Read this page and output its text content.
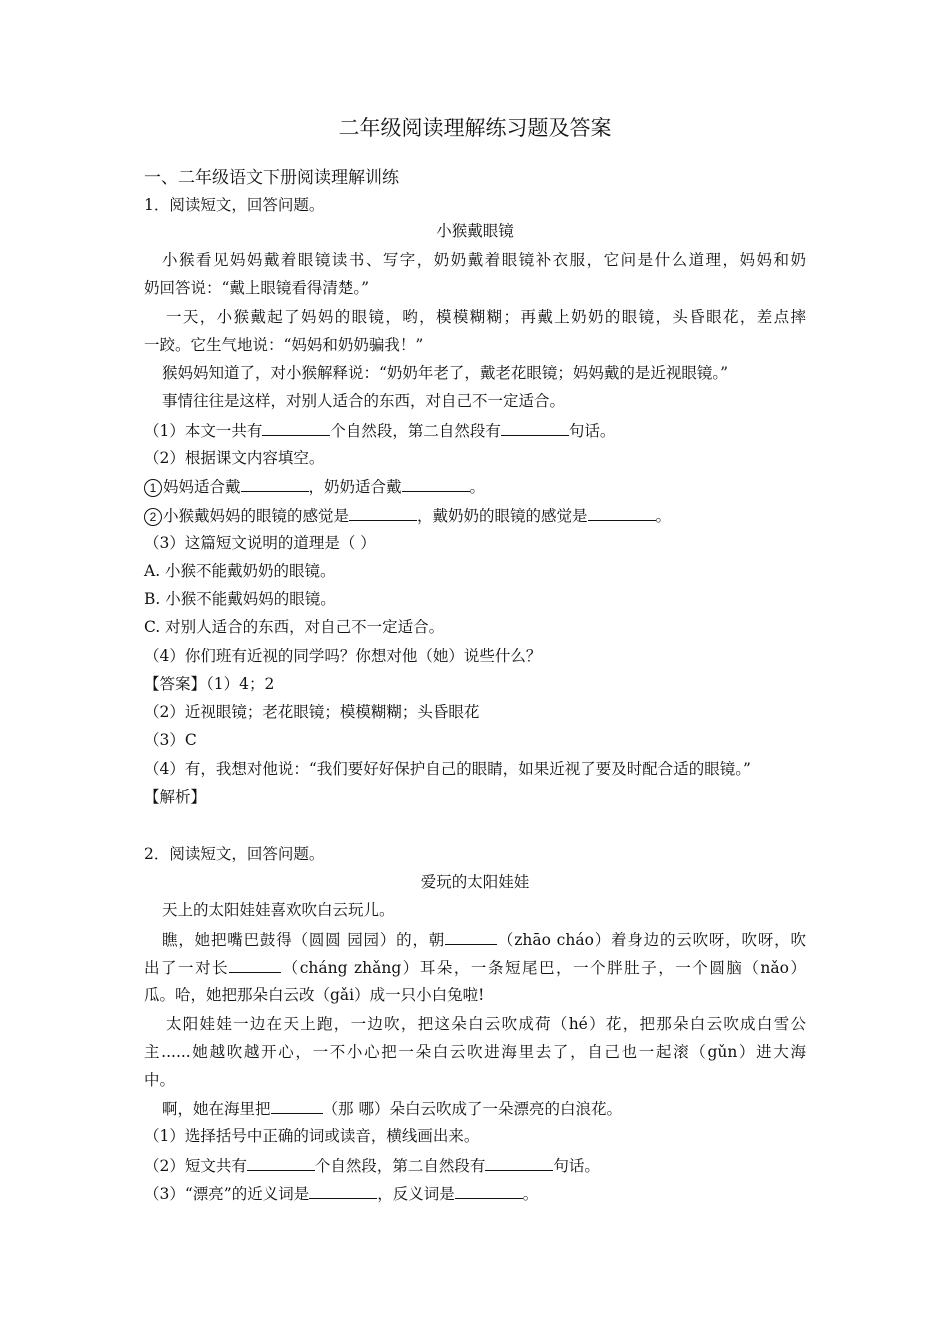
二年级阅读理解练习题及答案
一、二年级语文下册阅读理解训练
1．阅读短文，回答问题。
小猴戴眼镜
小猴看见妈妈戴着眼镜读书、写字，奶奶戴着眼镜补衣服，它问是什么道理，妈妈和奶
奶回答说：“戴上眼镜看得清楚。”
一天，小猴戴起了妈妈的眼镜，哟，模模糊糊；再戴上奶奶的眼镜，头昏眼花，差点摔
一跤。它生气地说：“妈妈和奶奶骗我！”
猴妈妈知道了，对小猴解释说：“奶奶年老了，戴老花眼镜；妈妈戴的是近视眼镜。”
事情往往是这样，对别人适合的东西，对自己不一定适合。
（1）本文一共有	个自然段，第二自然段有	句话。
（2）根据课文内容填空。
1 妈妈适合戴	，奶奶适合戴	。
2 小猴戴妈妈的眼镜的感觉是	，戴奶奶的眼镜的感觉是	。
（3）这篇短文说明的道理是（ ）
A. 小猴不能戴奶奶的眼镜。
B. 小猴不能戴妈妈的眼镜。
C. 对别人适合的东西，对自己不一定适合。
（4）你们班有近视的同学吗？你想对他（她）说些什么？
【答案】（1）4；2
（2）近视眼镜；老花眼镜；模模糊糊；头昏眼花
（3）C
（4）有，我想对他说：“我们要好好保护自己的眼睛，如果近视了要及时配合适的眼镜。”
【解析】
2．阅读短文，回答问题。
爱玩的太阳娃娃
天上的太阳娃娃喜欢吹白云玩儿。
瞧，她把嘴巴鼓得（圆圆 园园）的，朝	（zhāo cháo）着身边的云吹呀，吹呀，吹
出了一对长	（cháng zhǎng）耳朵，一条短尾巴，一个胖肚子，一个圆脑（nǎo）
瓜。哈，她把那朵白云改（gǎi）成一只小白兔啦!
太阳娃娃一边在天上跑，一边吹，把这朵白云吹成荷（hé）花，把那朵白云吹成白雪公
主......她越吹越开心，一不小心把一朵白云吹进海里去了，自己也一起滚（gǔn）进大海
中。
啊，她在海里把	（那 哪）朵白云吹成了一朵漂亮的白浪花。
（1）选择括号中正确的词或读音，横线画出来。
（2）短文共有	个自然段，第二自然段有	句话。
（3）“漂亮”的近义词是	，反义词是	。
